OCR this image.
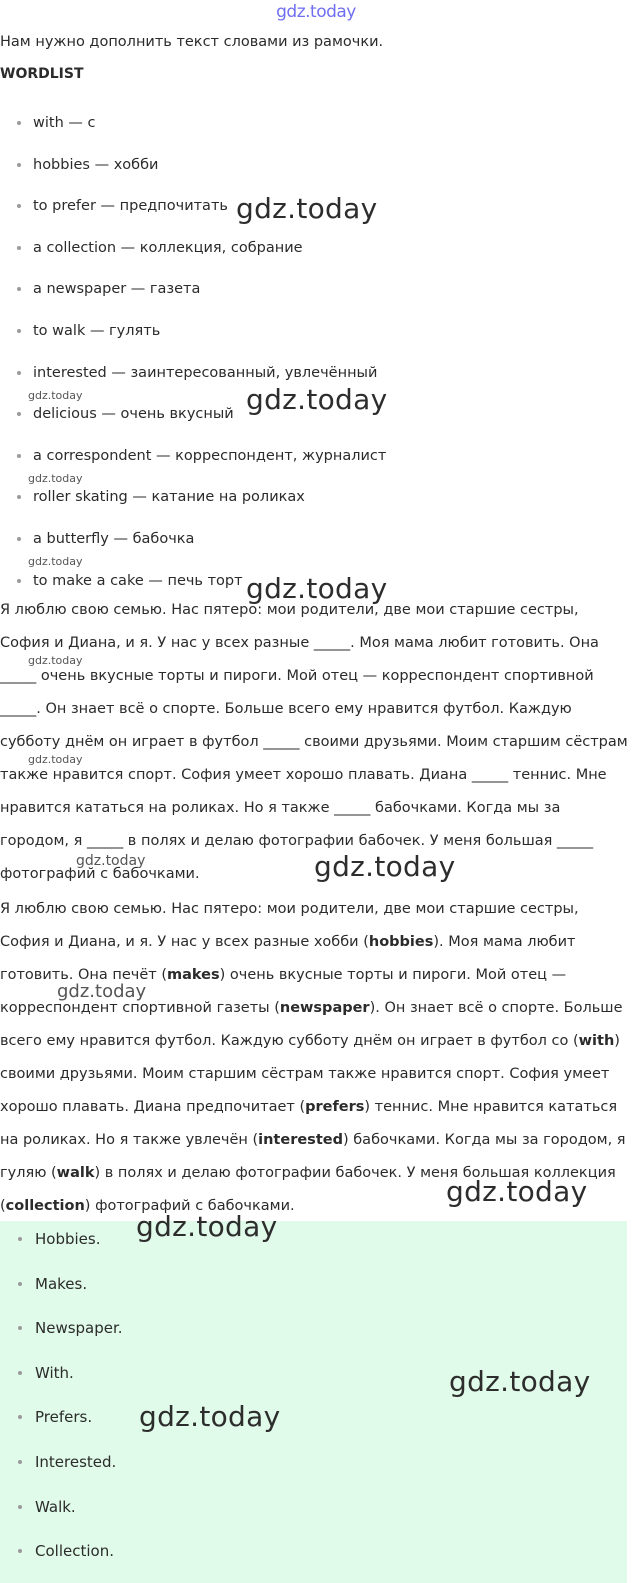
gdz.today
Нам нужно дополнить текст словами из рамочки.
WORDLIST
with — с
hobbies — хобби
to prefer — предпочитать
a collection — коллекция, собрание
a newspaper — газета
to walk — гулять
interested — заинтересованный, увлечённый
delicious — очень вкусный
a correspondent — корреспондент, журналист
roller skating — катание на роликах
a butterfly — бабочка
to make a cake — печь торт

Я люблю свою семью. Нас пятеро: мои родители, две мои старшие сестры, София и Диана, и я. У нас у всех разные _____. Моя мама любит готовить. Она _____ очень вкусные торты и пироги. Мой отец — корреспондент спортивной _____. Он знает всё о спорте. Больше всего ему нравится футбол. Каждую субботу днём он играет в футбол _____ своими друзьями. Моим старшим сёстрам также нравится спорт. София умеет хорошо плавать. Диана _____ теннис. Мне нравится кататься на роликах. Но я также _____ бабочками. Когда мы за городом, я _____ в полях и делаю фотографии бабочек. У меня большая _____ фотографий с бабочками.

Я люблю свою семью. Нас пятеро: мои родители, две мои старшие сестры, София и Диана, и я. У нас у всех разные хобби (hobbies). Моя мама любит готовить. Она печёт (makes) очень вкусные торты и пироги. Мой отец — корреспондент спортивной газеты (newspaper). Он знает всё о спорте. Больше всего ему нравится футбол. Каждую субботу днём он играет в футбол со (with) своими друзьями. Моим старшим сёстрам также нравится спорт. София умеет хорошо плавать. Диана предпочитает (prefers) теннис. Мне нравится кататься на роликах. Но я также увлечён (interested) бабочками. Когда мы за городом, я гуляю (walk) в полях и делаю фотографии бабочек. У меня большая коллекция (collection) фотографий с бабочками.

Hobbies.
Makes.
Newspaper.
With.
Prefers.
Interested.
Walk.
Collection.
gdz.today
gdz.today
gdz.today
gdz.today
gdz.today
gdz.today
gdz.today
gdz.today
gdz.today
gdz.today
gdz.today
gdz.today
gdz.today
gdz.today
gdz.today
